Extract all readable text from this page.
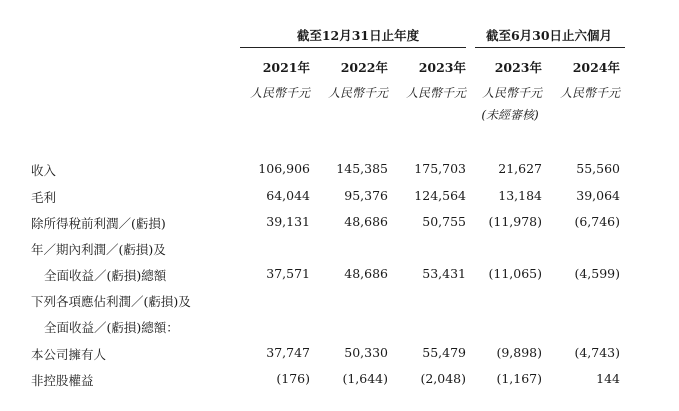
截至12月31日止年度	截至6月30日止六個月
2021年	2022年	2023年	2023年	2024年
人民幣千元	人民幣千元	人民幣千元	人民幣千元	人民幣千元
(未經審核)
收入	106,906	145,385	175,703	21,627	55,560
毛利	64,044	95,376	124,564	13,184	39,064
除所得稅前利潤／(虧損)	39,131	48,686	50,755	(11,978)	(6,746)
年／期內利潤／(虧損)及
全面收益／(虧損)總額	37,571	48,686	53,431	(11,065)	(4,599)
下列各項應佔利潤／(虧損)及
全面收益／(虧損)總額：
本公司擁有人	37,747	50,330	55,479	(9,898)	(4,743)
非控股權益	(176)	(1,644)	(2,048)	(1,167)	144
